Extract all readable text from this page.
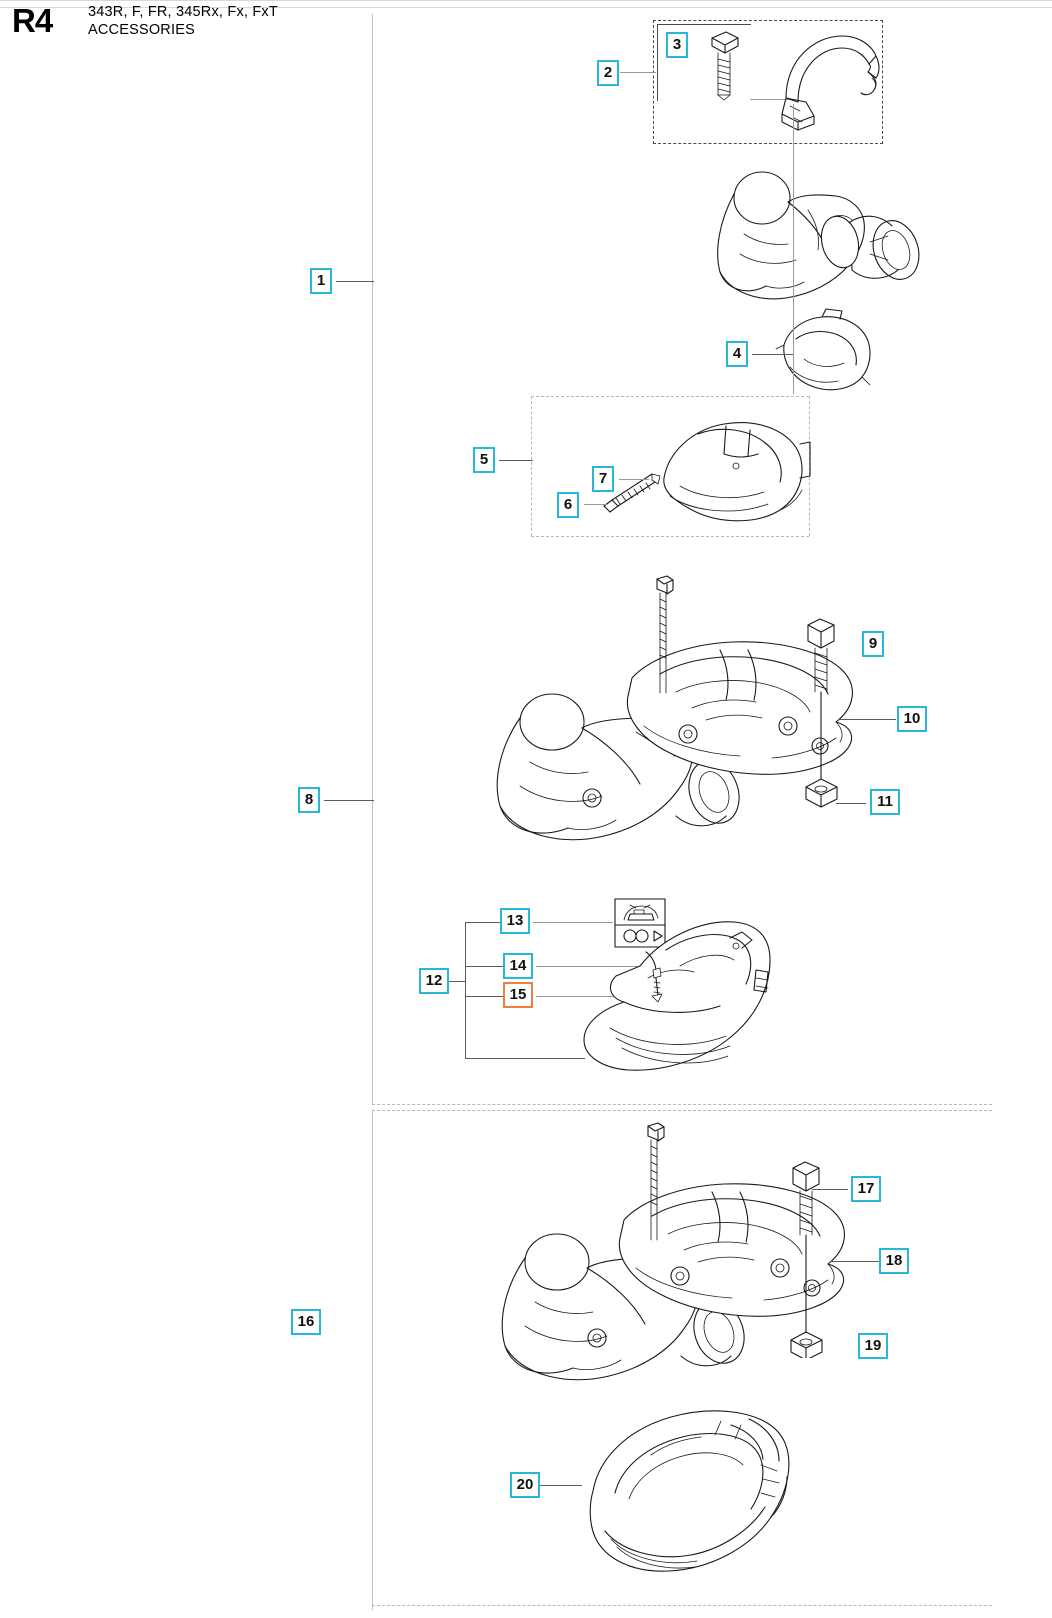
R4 343R, F, FR, 345Rx, Fx, FxT
ACCESSORIES
1
2
3
4
5
6
7
8
9
10
11
12
13
14
15
16
17
18
19
20
